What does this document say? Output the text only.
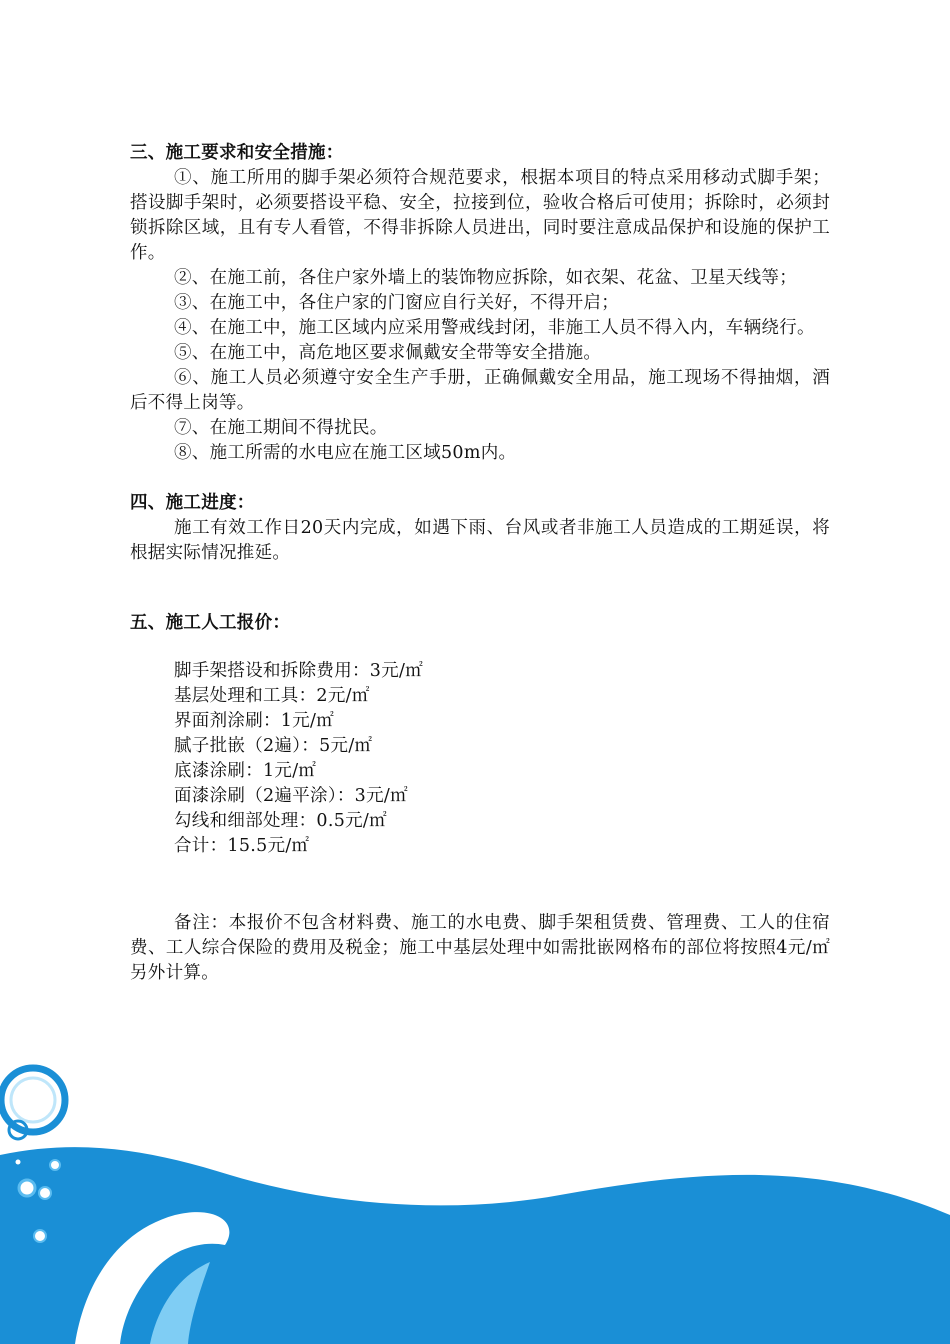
三、施工要求和安全措施：

①、施工所用的脚手架必须符合规范要求，根据本项目的特点采用移动式脚手架；搭设脚手架时，必须要搭设平稳、安全，拉接到位，验收合格后可使用；拆除时，必须封锁拆除区域，且有专人看管，不得非拆除人员进出，同时要注意成品保护和设施的保护工作。

②、在施工前，各住户家外墙上的装饰物应拆除，如衣架、花盆、卫星天线等；

③、在施工中，各住户家的门窗应自行关好，不得开启；

④、在施工中，施工区域内应采用警戒线封闭，非施工人员不得入内，车辆绕行。

⑤、在施工中，高危地区要求佩戴安全带等安全措施。

⑥、施工人员必须遵守安全生产手册，正确佩戴安全用品，施工现场不得抽烟，酒后不得上岗等。

⑦、在施工期间不得扰民。

⑧、施工所需的水电应在施工区域50m内。

四、施工进度：

施工有效工作日20天内完成，如遇下雨、台风或者非施工人员造成的工期延误，将根据实际情况推延。

五、施工人工报价：

脚手架搭设和拆除费用：3元/㎡

基层处理和工具：2元/㎡

界面剂涂刷：1元/㎡

腻子批嵌（2遍）：5元/㎡

底漆涂刷：1元/㎡

面漆涂刷（2遍平涂）：3元/㎡

勾线和细部处理：0.5元/㎡

合计：15.5元/㎡

备注：本报价不包含材料费、施工的水电费、脚手架租赁费、管理费、工人的住宿费、工人综合保险的费用及税金；施工中基层处理中如需批嵌网格布的部位将按照4元/㎡另外计算。
